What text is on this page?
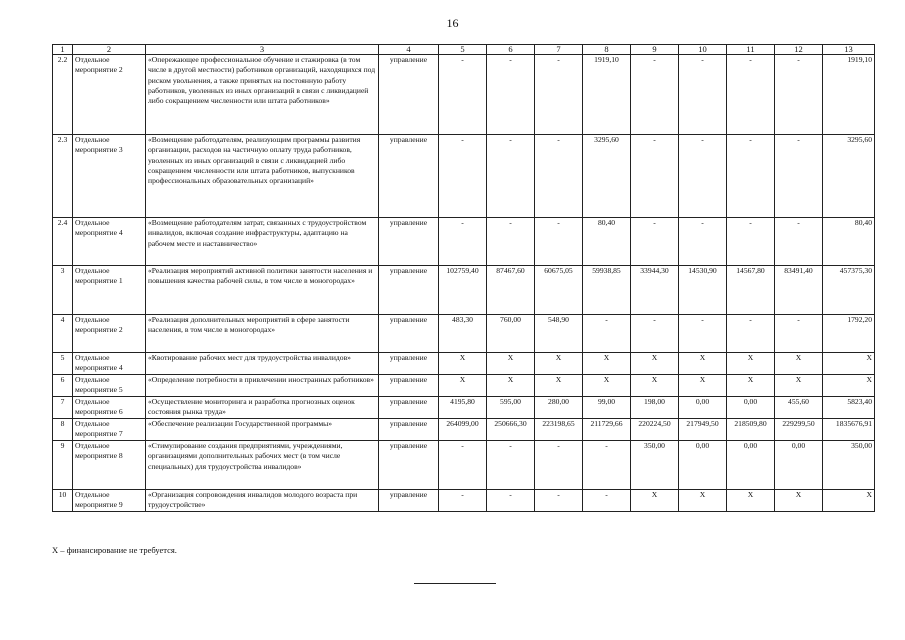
16
1	2	3	4	5	6	7	8	9	10	11	12	13
2.2	Отдельное мероприятие 2	«Опережающее профессиональное обучение и стажировка (в том числе в другой местности) работников организаций, находящихся под риском увольнения, а также принятых на постоянную работу работников, уволенных из иных организаций в связи с ликвидацией либо сокращением численности или штата работников»	управление	-	-	-	1919,10	-	-	-	-	1919,10
2.3	Отдельное мероприятие 3	«Возмещение работодателям, реализующим программы развития организации, расходов на частичную оплату труда работников, уволенных из иных организаций в связи с ликвидацией либо сокращением численности или штата работников, выпускников профессиональных образовательных организаций»	управление	-	-	-	3295,60	-	-	-	-	3295,60
2.4	Отдельное мероприятие 4	«Возмещение работодателям затрат, связанных с трудоустройством инвалидов, включая создание инфраструктуры, адаптацию на рабочем месте и наставничество»	управление	-	-	-	80,40	-	-	-	-	80,40
3	Отдельное мероприятие 1	«Реализация мероприятий активной политики занятости населения и повышения качества рабочей силы, в том числе в моногородах»	управление	102759,40	87467,60	60675,05	59938,85	33944,30	14530,90	14567,80	83491,40	457375,30
4	Отдельное мероприятие 2	«Реализация дополнительных мероприятий в сфере занятости населения, в том числе в моногородах»	управление	483,30	760,00	548,90	-	-	-	-	-	1792,20
5	Отдельное мероприятие 4	«Квотирование рабочих мест для трудоустройства инвалидов»	управление	Х	Х	Х	Х	Х	Х	Х	Х	Х
6	Отдельное мероприятие 5	«Определение потребности в привлечении иностранных работников»	управление	Х	Х	Х	Х	Х	Х	Х	Х	Х
7	Отдельное мероприятие 6	«Осуществление мониторинга и разработка прогнозных оценок состояния рынка труда»	управление	4195,80	595,00	280,00	99,00	198,00	0,00	0,00	455,60	5823,40
8	Отдельное мероприятие 7	«Обеспечение реализации Государственной программы»	управление	264099,00	250666,30	223198,65	211729,66	220224,50	217949,50	218509,80	229299,50	1835676,91
9	Отдельное мероприятие 8	«Стимулирование создания предприятиями, учреждениями, организациями дополнительных рабочих мест (в том числе специальных) для трудоустройства инвалидов»	управление	-	-	-	-	350,00	0,00	0,00	0,00	350,00
10	Отдельное мероприятие 9	«Организация сопровождения инвалидов молодого возраста при трудоустройстве»	управление	-	-	-	-	Х	Х	Х	Х	Х
Х – финансирование не требуется.
